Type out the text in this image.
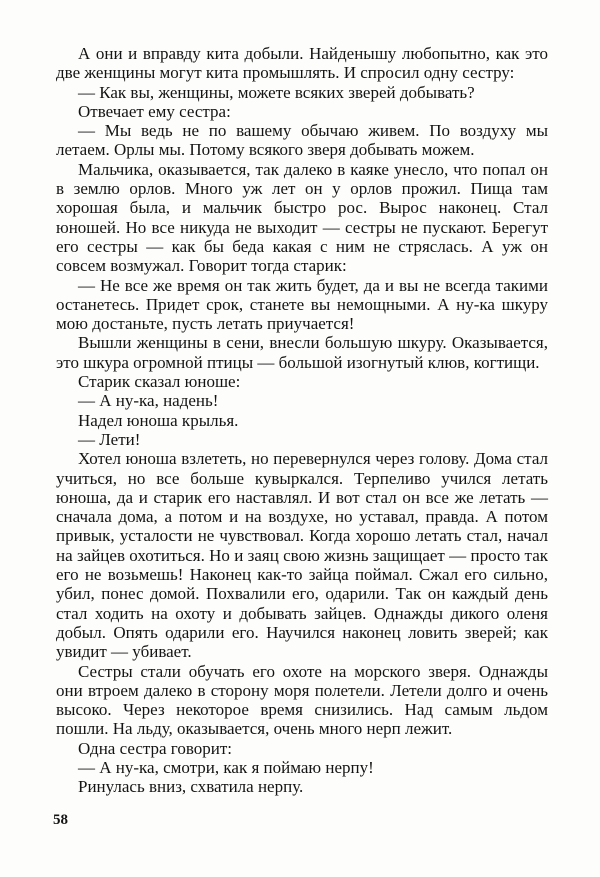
А они и вправду кита добыли. Найденышу любопытно, как это две женщины могут кита промышлять. И спросил одну сестру:

— Как вы, женщины, можете всяких зверей добывать?

Отвечает ему сестра:

— Мы ведь не по вашему обычаю живем. По воздуху мы летаем. Орлы мы. Потому всякого зверя добывать можем.

Мальчика, оказывается, так далеко в каяке унесло, что попал он в землю орлов. Много уж лет он у орлов прожил. Пища там хорошая была, и мальчик быстро рос. Вырос наконец. Стал юношей. Но все никуда не выходит — сестры не пускают. Берегут его сестры — как бы беда какая с ним не стряслась. А уж он совсем возмужал. Говорит тогда старик:

— Не все же время он так жить будет, да и вы не всегда такими останетесь. Придет срок, станете вы немощными. А ну-ка шкуру мою достаньте, пусть летать приучается!

Вышли женщины в сени, внесли большую шкуру. Оказывается, это шкура огромной птицы — большой изогнутый клюв, когтищи.

Старик сказал юноше:

— А ну-ка, надень!

Надел юноша крылья.

— Лети!

Хотел юноша взлететь, но перевернулся через голову. Дома стал учиться, но все больше кувыркался. Терпеливо учился летать юноша, да и старик его наставлял. И вот стал он все же летать — сначала дома, а потом и на воздухе, но уставал, правда. А потом привык, усталости не чувствовал. Когда хорошо летать стал, начал на зайцев охотиться. Но и заяц свою жизнь защищает — просто так его не возьмешь! Наконец как-то зайца поймал. Сжал его сильно, убил, понес домой. Похвалили его, одарили. Так он каждый день стал ходить на охоту и добывать зайцев. Однажды дикого оленя добыл. Опять одарили его. Научился наконец ловить зверей; как увидит — убивает.

Сестры стали обучать его охоте на морского зверя. Однажды они втроем далеко в сторону моря полетели. Летели долго и очень высоко. Через некоторое время снизились. Над самым льдом пошли. На льду, оказывается, очень много нерп лежит.

Одна сестра говорит:

— А ну-ка, смотри, как я поймаю нерпу!

Ринулась вниз, схватила нерпу.

58
